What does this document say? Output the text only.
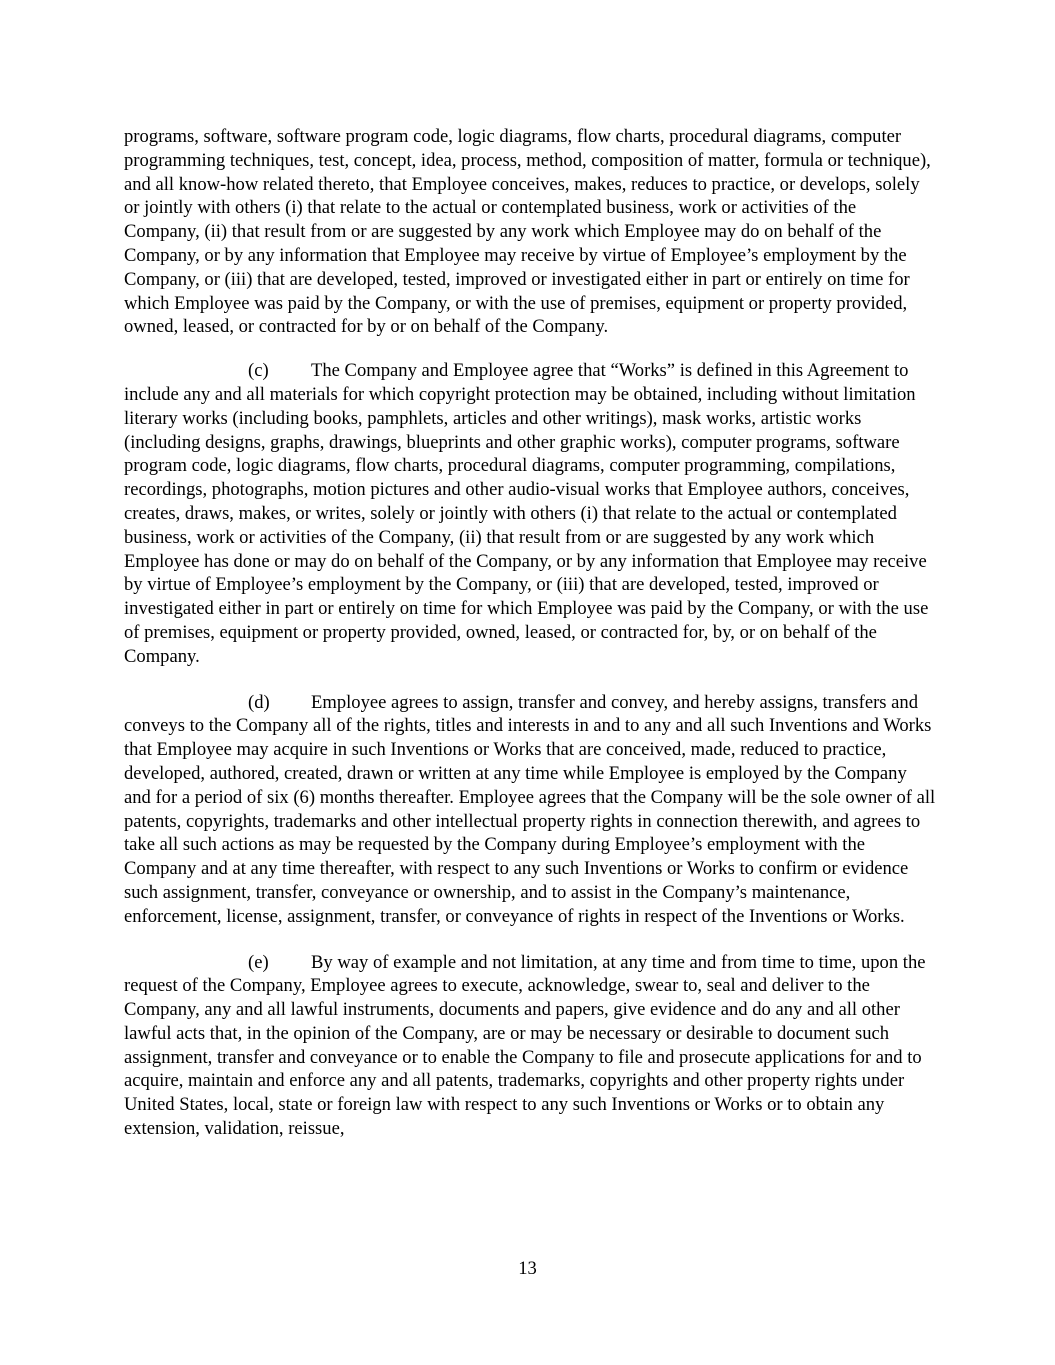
programs, software, software program code, logic diagrams, flow charts, procedural diagrams, computer programming techniques, test, concept, idea, process, method, composition of matter, formula or technique), and all know-how related thereto, that Employee conceives, makes, reduces to practice, or develops, solely or jointly with others (i) that relate to the actual or contemplated business, work or activities of the Company, (ii) that result from or are suggested by any work which Employee may do on behalf of the Company, or by any information that Employee may receive by virtue of Employee’s employment by the Company, or (iii) that are developed, tested, improved or investigated either in part or entirely on time for which Employee was paid by the Company, or with the use of premises, equipment or property provided, owned, leased, or contracted for by or on behalf of the Company.

(c) The Company and Employee agree that “Works” is defined in this Agreement to include any and all materials for which copyright protection may be obtained, including without limitation literary works (including books, pamphlets, articles and other writings), mask works, artistic works (including designs, graphs, drawings, blueprints and other graphic works), computer programs, software program code, logic diagrams, flow charts, procedural diagrams, computer programming, compilations, recordings, photographs, motion pictures and other audio-visual works that Employee authors, conceives, creates, draws, makes, or writes, solely or jointly with others (i) that relate to the actual or contemplated business, work or activities of the Company, (ii) that result from or are suggested by any work which Employee has done or may do on behalf of the Company, or by any information that Employee may receive by virtue of Employee’s employment by the Company, or (iii) that are developed, tested, improved or investigated either in part or entirely on time for which Employee was paid by the Company, or with the use of premises, equipment or property provided, owned, leased, or contracted for, by, or on behalf of the Company.

(d) Employee agrees to assign, transfer and convey, and hereby assigns, transfers and conveys to the Company all of the rights, titles and interests in and to any and all such Inventions and Works that Employee may acquire in such Inventions or Works that are conceived, made, reduced to practice, developed, authored, created, drawn or written at any time while Employee is employed by the Company and for a period of six (6) months thereafter. Employee agrees that the Company will be the sole owner of all patents, copyrights, trademarks and other intellectual property rights in connection therewith, and agrees to take all such actions as may be requested by the Company during Employee’s employment with the Company and at any time thereafter, with respect to any such Inventions or Works to confirm or evidence such assignment, transfer, conveyance or ownership, and to assist in the Company’s maintenance, enforcement, license, assignment, transfer, or conveyance of rights in respect of the Inventions or Works.

(e) By way of example and not limitation, at any time and from time to time, upon the request of the Company, Employee agrees to execute, acknowledge, swear to, seal and deliver to the Company, any and all lawful instruments, documents and papers, give evidence and do any and all other lawful acts that, in the opinion of the Company, are or may be necessary or desirable to document such assignment, transfer and conveyance or to enable the Company to file and prosecute applications for and to acquire, maintain and enforce any and all patents, trademarks, copyrights and other property rights under United States, local, state or foreign law with respect to any such Inventions or Works or to obtain any extension, validation, reissue,

13
